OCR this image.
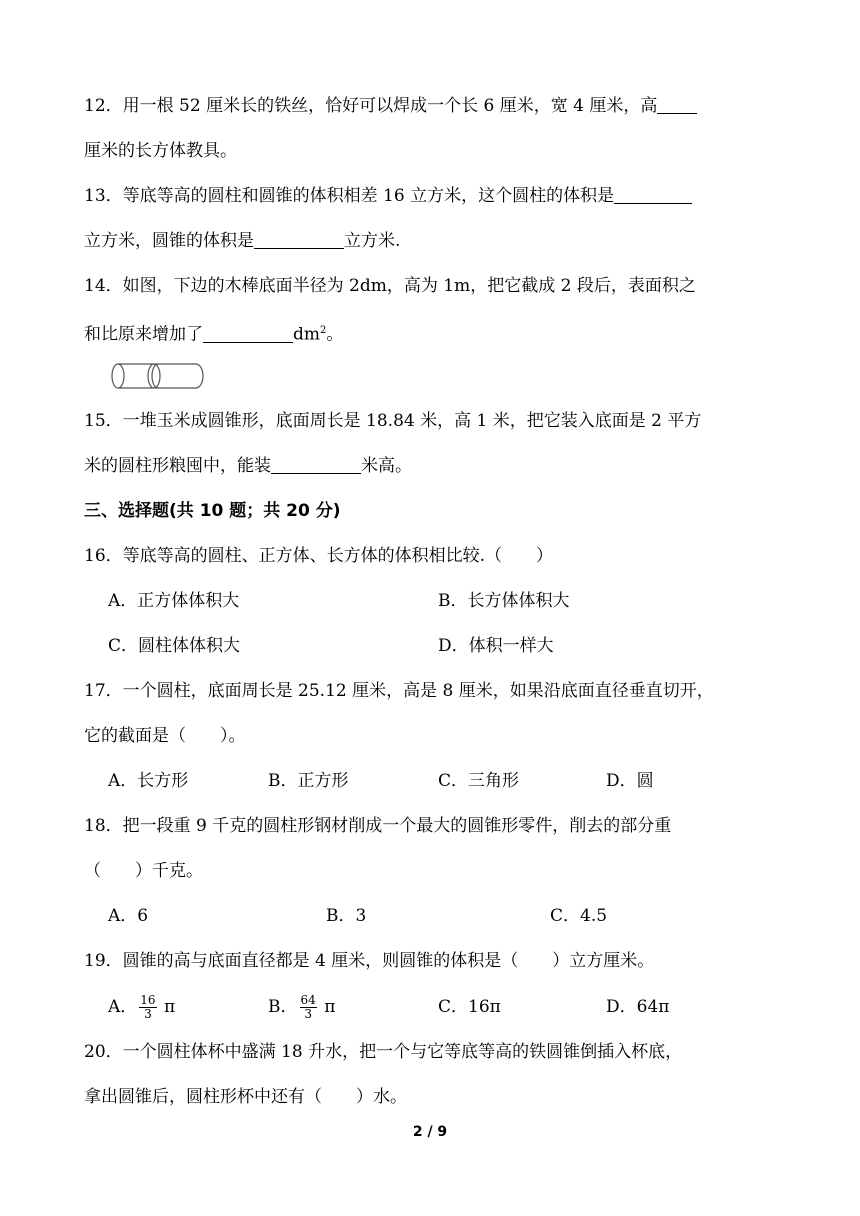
12．用一根 52 厘米长的铁丝，恰好可以焊成一个长 6 厘米，宽 4 厘米，高
厘米的长方体教具。
13．等底等高的圆柱和圆锥的体积相差 16 立方米，这个圆柱的体积是
立方米，圆锥的体积是	立方米.
14．如图，下边的木棒底面半径为 2dm，高为 1m，把它截成 2 段后，表面积之
和比原来增加了	$dm^2$。
15．一堆玉米成圆锥形，底面周长是 18.84 米，高 1 米，把它装入底面是 2 平方
米的圆柱形粮囤中，能装	米高。
三、选择题(共 10 题；共 20 分)
16．等底等高的圆柱、正方体、长方体的体积相比较.（　　）
A．正方体体积大	B．长方体体积大
C．圆柱体体积大	D．体积一样大
17．一个圆柱，底面周长是 25.12 厘米，高是 8 厘米，如果沿底面直径垂直切开，
它的截面是（　　）。
A．长方形	B．正方形	C．三角形	D．圆
18．把一段重 9 千克的圆柱形钢材削成一个最大的圆锥形零件，削去的部分重
（　　）千克。
A．6	B．3	C．4.5
19．圆锥的高与底面直径都是 4 厘米，则圆锥的体积是（　　）立方厘米。
A． $\frac{16}{3}$ π	B． $\frac{64}{3}$ π	C．16π	D．64π
20．一个圆柱体杯中盛满 18 升水，把一个与它等底等高的铁圆锥倒插入杯底，
拿出圆锥后，圆柱形杯中还有（　　）水。
2 / 9
